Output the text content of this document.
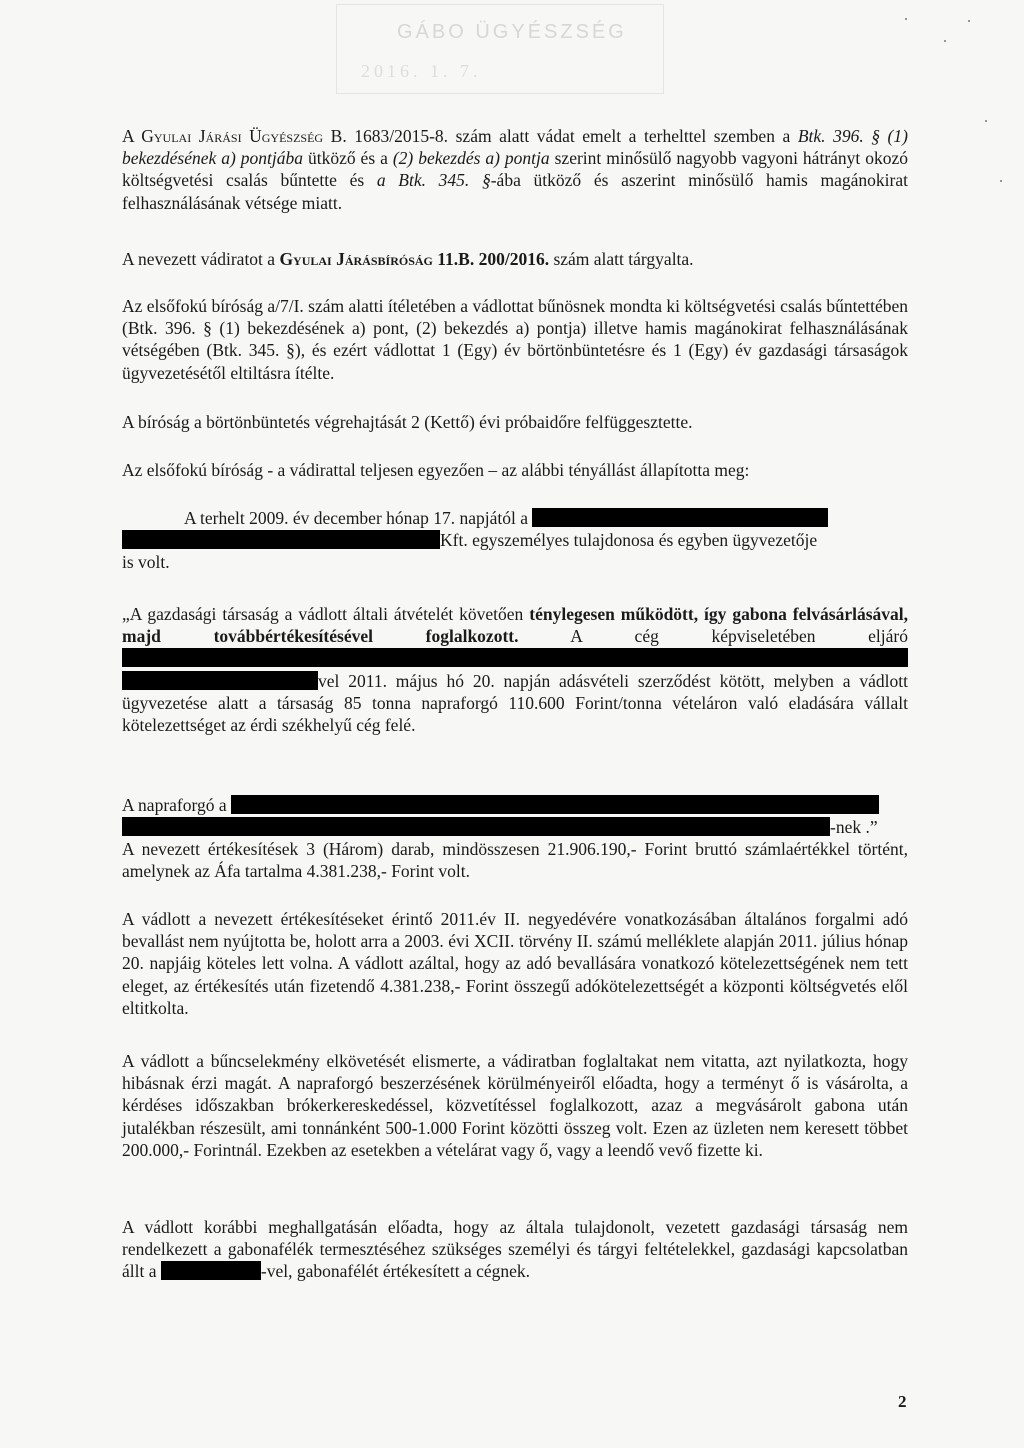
GÁBO ÜGYÉSZSÉG
2016. 1. 7.

A Gyulai Járási Ügyészség B. 1683/2015-8. szám alatt vádat emelt a terhelttel szemben a Btk. 396. § (1) bekezdésének a) pontjába ütköző és a (2) bekezdés a) pontja szerint minősülő nagyobb vagyoni hátrányt okozó költségvetési csalás bűntette és a Btk. 345. §-ába ütköző és aszerint minősülő hamis magánokirat felhasználásának vétsége miatt.

A nevezett vádiratot a Gyulai Járásbíróság 11.B. 200/2016. szám alatt tárgyalta.

Az elsőfokú bíróság a/7/I. szám alatti ítéletében a vádlottat bűnösnek mondta ki költségvetési csalás bűntettében (Btk. 396. § (1) bekezdésének a) pont, (2) bekezdés a) pontja) illetve hamis magánokirat felhasználásának vétségében (Btk. 345. §), és ezért vádlottat 1 (Egy) év börtönbüntetésre és 1 (Egy) év gazdasági társaságok ügyvezetésétől eltiltásra ítélte.

A bíróság a börtönbüntetés végrehajtását 2 (Kettő) évi próbaidőre felfüggesztette.

Az elsőfokú bíróság - a vádirattal teljesen egyezően – az alábbi tényállást állapította meg:

A terhelt 2009. év december hónap 17. napjától a
Kft. egyszemélyes tulajdonosa és egyben ügyvezetője
is volt.
„A gazdasági társaság a vádlott általi átvételét követően ténylegesen működött, így gabona felvásárlásával, majd továbbértékesítésével foglalkozott. A cég képviseletében eljáró
vel 2011. május hó 20. napján adásvételi szerződést kötött, melyben a vádlott ügyvezetése alatt a társaság 85 tonna napraforgó 110.600 Forint/tonna vételáron való eladására vállalt kötelezettséget az érdi székhelyű cég felé.
A napraforgó a
-nek .”

A nevezett értékesítések 3 (Három) darab, mindösszesen 21.906.190,- Forint bruttó számlaértékkel történt, amelynek az Áfa tartalma 4.381.238,- Forint volt.

A vádlott a nevezett értékesítéseket érintő 2011.év II. negyedévére vonatkozásában általános forgalmi adó bevallást nem nyújtotta be, holott arra a 2003. évi XCII. törvény II. számú melléklete alapján 2011. július hónap 20. napjáig köteles lett volna. A vádlott azáltal, hogy az adó bevallására vonatkozó kötelezettségének nem tett eleget, az értékesítés után fizetendő 4.381.238,- Forint összegű adókötelezettségét a központi költségvetés elől eltitkolta.

A vádlott a bűncselekmény elkövetését elismerte, a vádiratban foglaltakat nem vitatta, azt nyilatkozta, hogy hibásnak érzi magát. A napraforgó beszerzésének körülményeiről előadta, hogy a terményt ő is vásárolta, a kérdéses időszakban brókerkereskedéssel, közvetítéssel foglalkozott, azaz a megvásárolt gabona után jutalékban részesült, ami tonnánként 500-1.000 Forint közötti összeg volt. Ezen az üzleten nem keresett többet 200.000,- Forintnál. Ezekben az esetekben a vételárat vagy ő, vagy a leendő vevő fizette ki.

A vádlott korábbi meghallgatásán előadta, hogy az általa tulajdonolt, vezetett gazdasági társaság nem rendelkezett a gabonafélék termesztéséhez szükséges személyi és tárgyi feltételekkel, gazdasági kapcsolatban állt a	-vel, gabonafélét értékesített a cégnek.

2
